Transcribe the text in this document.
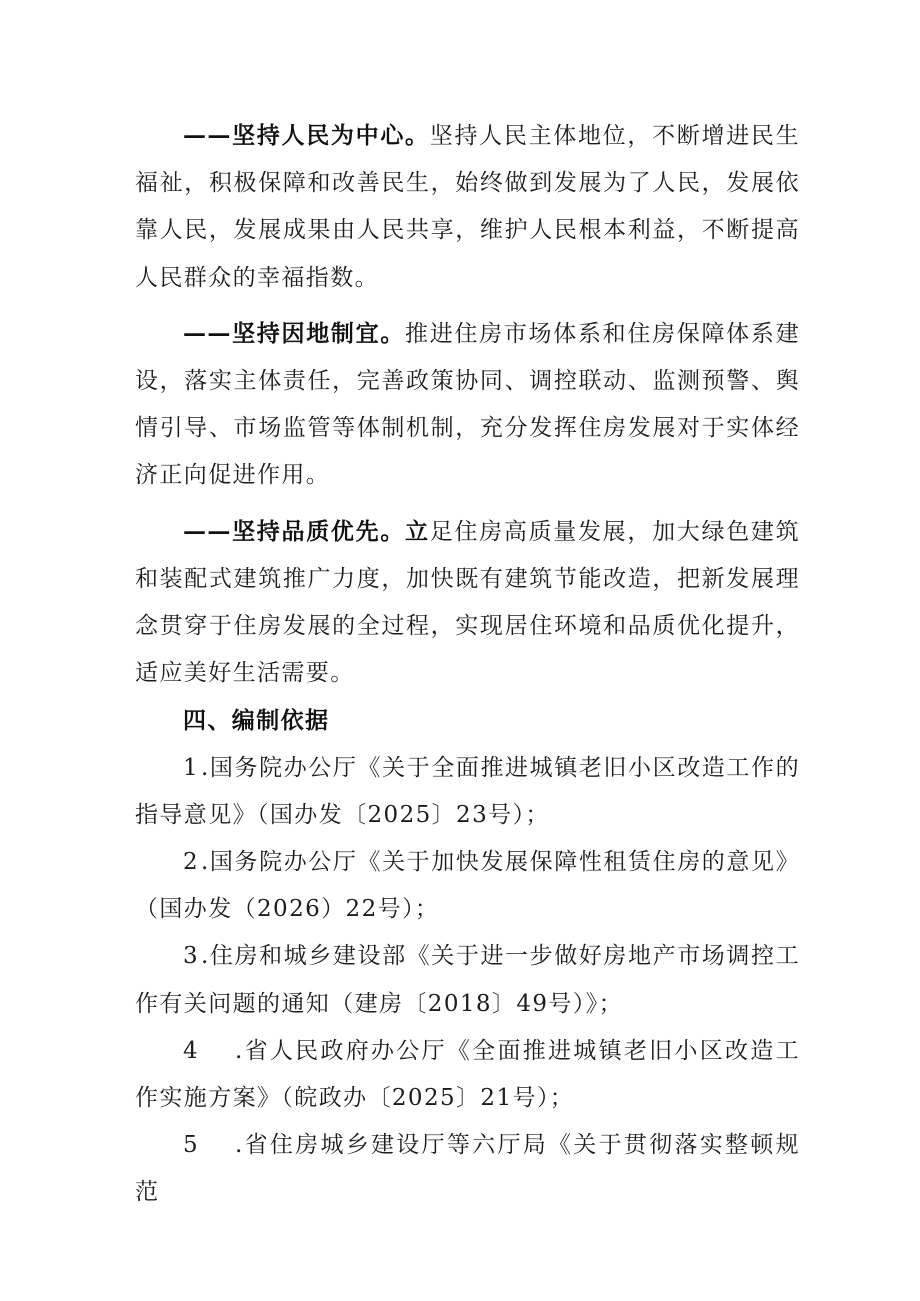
——坚持人民为中心。坚持人民主体地位，不断增进民生福祉，积极保障和改善民生，始终做到发展为了人民，发展依靠人民，发展成果由人民共享，维护人民根本利益，不断提高人民群众的幸福指数。

——坚持因地制宜。推进住房市场体系和住房保障体系建设，落实主体责任，完善政策协同、调控联动、监测预警、舆情引导、市场监管等体制机制，充分发挥住房发展对于实体经济正向促进作用。

——坚持品质优先。立足住房高质量发展，加大绿色建筑和装配式建筑推广力度，加快既有建筑节能改造，把新发展理念贯穿于住房发展的全过程，实现居住环境和品质优化提升，适应美好生活需要。

四、编制依据

1.国务院办公厅《关于全面推进城镇老旧小区改造工作的指导意见》（国办发〔2025〕23号）；

2.国务院办公厅《关于加快发展保障性租赁住房的意见》（国办发（2026）22号）；

3.住房和城乡建设部《关于进一步做好房地产市场调控工作有关问题的通知（建房〔2018〕49号）》；

4 .省人民政府办公厅《全面推进城镇老旧小区改造工作实施方案》（皖政办〔2025〕21号）；

5 .省住房城乡建设厅等六厅局《关于贯彻落实整顿规范
